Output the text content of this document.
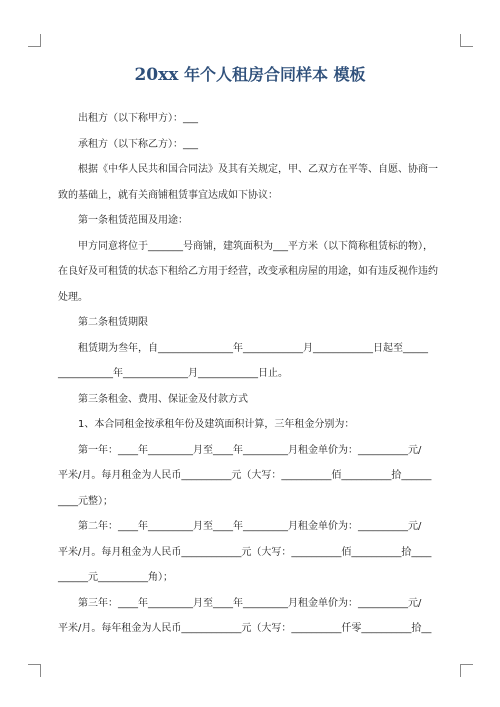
20xx 年个人租房合同样本 模板

出租方（以下称甲方）：___

承租方（以下称乙方）：___

根据《中华人民共和国合同法》及其有关规定，甲、乙双方在平等、自愿、协商一致的基础上，就有关商铺租赁事宜达成如下协议：

第一条租赁范围及用途：

甲方同意将位于_______号商铺，建筑面积为___平方米（以下简称租赁标的物），在良好及可租赁的状态下租给乙方用于经营，改变承租房屋的用途，如有违反视作违约处理。

第二条租赁期限

租赁期为叁年，自_______________年____________月____________日起至_____

___________年_____________月____________日止。

第三条租金、费用、保证金及付款方式

1、本合同租金按承租年份及建筑面积计算，三年租金分别为：

第一年：____年_________月至____年_________月租金单价为：__________元/

平米/月。每月租金为人民币__________元（大写：__________佰__________拾______

____元整）；

第二年：____年_________月至____年_________月租金单价为：__________元/

平米/月。每月租金为人民币____________元（大写：__________佰__________拾____

______元__________角）；

第三年：____年_________月至____年_________月租金单价为：__________元/

平米/月。每年租金为人民币____________元（大写：__________仟零__________拾__
